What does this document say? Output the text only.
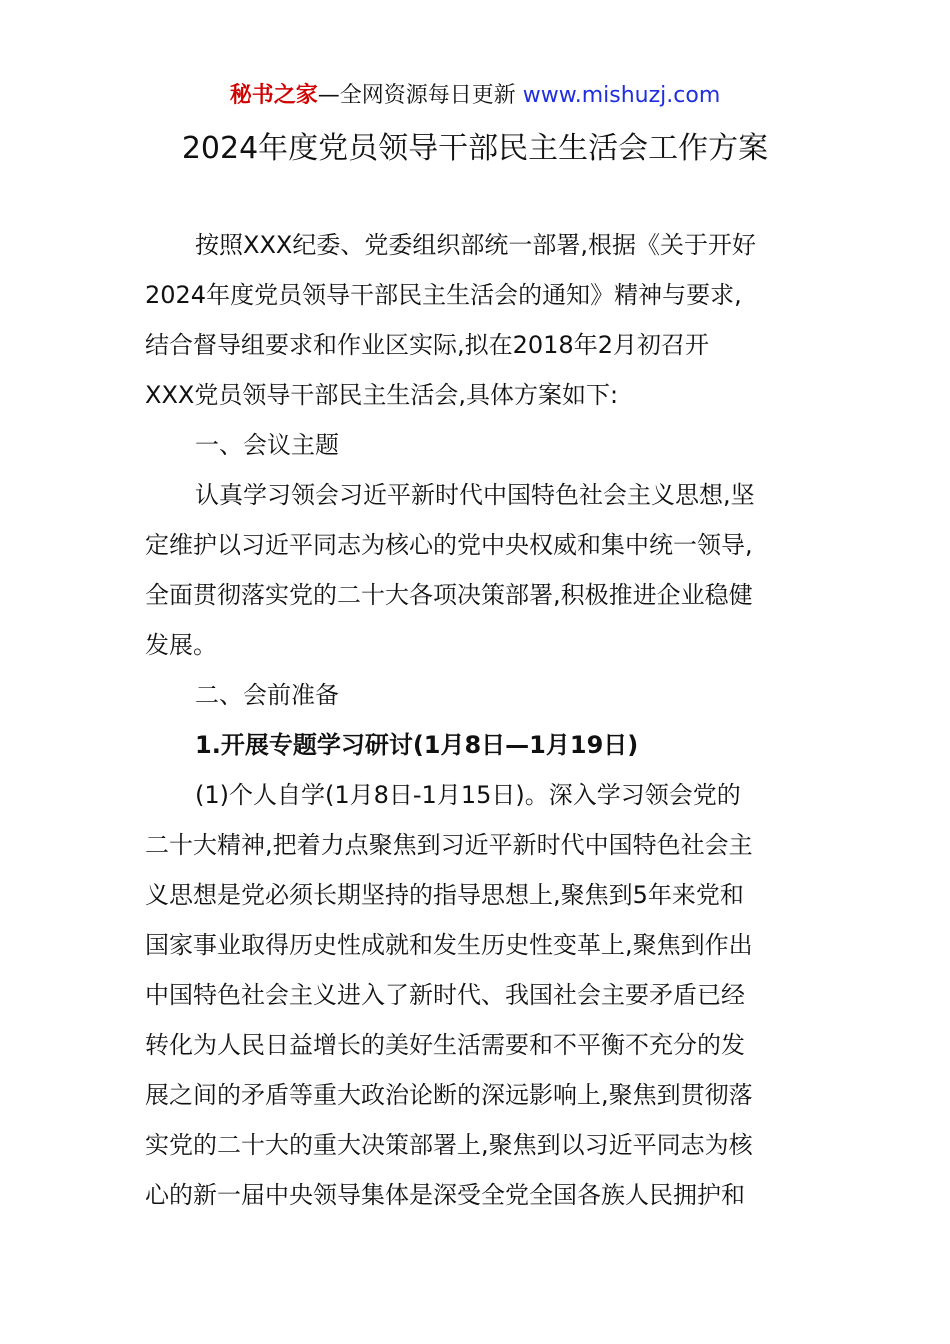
秘书之家—全网资源每日更新 www.mishuzj.com
2024年度党员领导干部民主生活会工作方案
按照XXX纪委、党委组织部统一部署,根据《关于开好
2024年度党员领导干部民主生活会的通知》精神与要求,
结合督导组要求和作业区实际,拟在2018年2月初召开
XXX党员领导干部民主生活会,具体方案如下:
一、会议主题
认真学习领会习近平新时代中国特色社会主义思想,坚
定维护以习近平同志为核心的党中央权威和集中统一领导,
全面贯彻落实党的二十大各项决策部署,积极推进企业稳健
发展。
二、会前准备
1.开展专题学习研讨(1月8日—1月19日)
(1)个人自学(1月8日-1月15日)。深入学习领会党的
二十大精神,把着力点聚焦到习近平新时代中国特色社会主
义思想是党必须长期坚持的指导思想上,聚焦到5年来党和
国家事业取得历史性成就和发生历史性变革上,聚焦到作出
中国特色社会主义进入了新时代、我国社会主要矛盾已经
转化为人民日益增长的美好生活需要和不平衡不充分的发
展之间的矛盾等重大政治论断的深远影响上,聚焦到贯彻落
实党的二十大的重大决策部署上,聚焦到以习近平同志为核
心的新一届中央领导集体是深受全党全国各族人民拥护和
